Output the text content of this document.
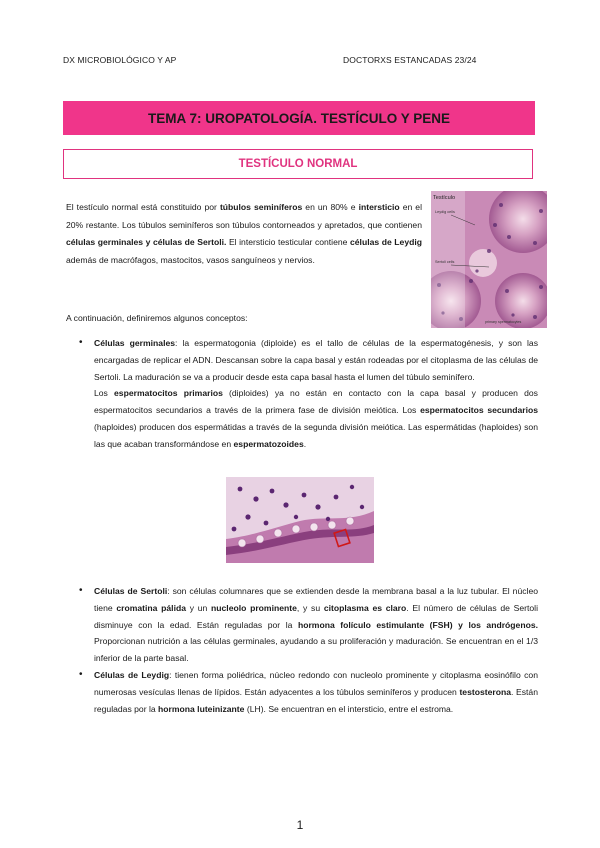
DX MICROBIOLÓGICO Y AP	DOCTORXS ESTANCADAS 23/24
TEMA 7: UROPATOLOGÍA. TESTÍCULO Y PENE
TESTÍCULO NORMAL
El testículo normal está constituido por túbulos seminíferos en un 80% e intersticio en el 20% restante. Los túbulos seminíferos son túbulos contorneados y apretados, que contienen células germinales y células de Sertoli. El intersticio testicular contiene células de Leydig además de macrófagos, mastocitos, vasos sanguíneos y nervios.
Testículo
Leydig cells
Sertoli cells
primary spermatocytes
A continuación, definiremos algunos conceptos:
• Células germinales: la espermatogonia (diploide) es el tallo de células de la espermatogénesis, y son las encargadas de replicar el ADN. Descansan sobre la capa basal y están rodeadas por el citoplasma de las células de Sertoli. La maduración se va a producir desde esta capa basal hasta el lumen del túbulo seminífero.
Los espermatocitos primarios (diploides) ya no están en contacto con la capa basal y producen dos espermatocitos secundarios a través de la primera fase de división meiótica. Los espermatocitos secundarios (haploides) producen dos espermátidas a través de la segunda división meiótica. Las espermátidas (haploides) son las que acaban transformándose en espermatozoides.
• Células de Sertoli: son células columnares que se extienden desde la membrana basal a la luz tubular. El núcleo tiene cromatina pálida y un nucleolo prominente, y su citoplasma es claro. El número de células de Sertoli disminuye con la edad. Están reguladas por la hormona folículo estimulante (FSH) y los andrógenos. Proporcionan nutrición a las células germinales, ayudando a su proliferación y maduración. Se encuentran en el 1/3 inferior de la parte basal.
• Células de Leydig: tienen forma poliédrica, núcleo redondo con nucleolo prominente y citoplasma eosinófilo con numerosas vesículas llenas de lípidos. Están adyacentes a los túbulos seminíferos y producen testosterona. Están reguladas por la hormona luteinizante (LH). Se encuentran en el intersticio, entre el estroma.
1
